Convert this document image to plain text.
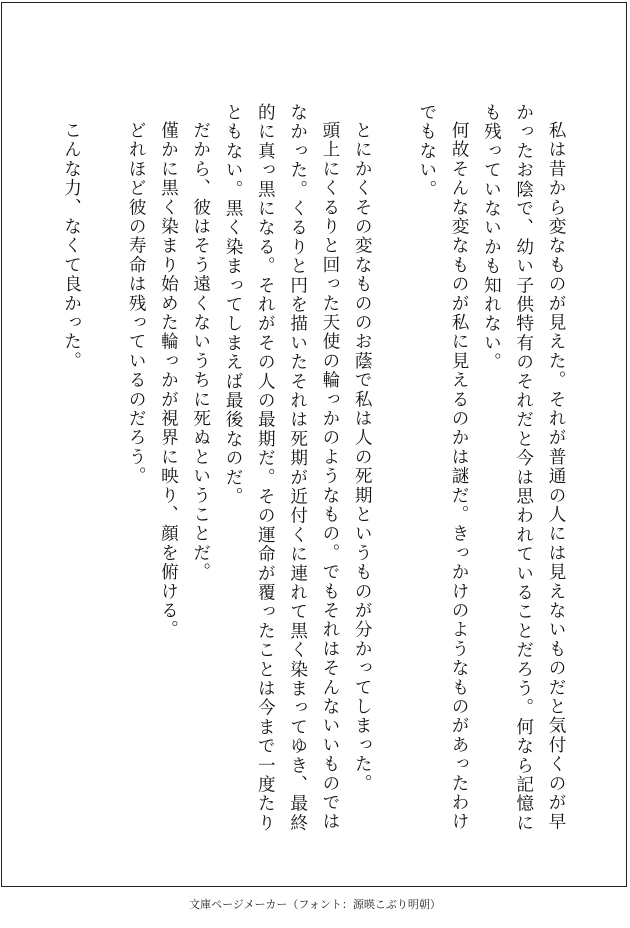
私は昔から変なものが見えた。それが普通の人には見えないものだと気付くのが早かったお陰で、幼い子供特有のそれだと今は思われていることだろう。何なら記憶にも残っていないかも知れない。

何故そんな変なものが私に見えるのかは謎だ。きっかけのようなものがあったわけでもない。

とにかくその変なもののお蔭で私は人の死期というものが分かってしまった。

頭上にくるりと回った天使の輪っかのようなもの。でもそれはそんないいものではなかった。くるりと円を描いたそれは死期が近付くに連れて黒く染まってゆき、最終的に真っ黒になる。それがその人の最期だ。その運命が覆ったことは今まで一度たりともない。黒く染まってしまえば最後なのだ。

だから、彼はそう遠くないうちに死ぬということだ。

僅かに黒く染まり始めた輪っかが視界に映り、顔を俯ける。

どれほど彼の寿命は残っているのだろう。

こんな力、なくて良かった。

文庫ページメーカー（フォント：源暎こぶり明朝）
